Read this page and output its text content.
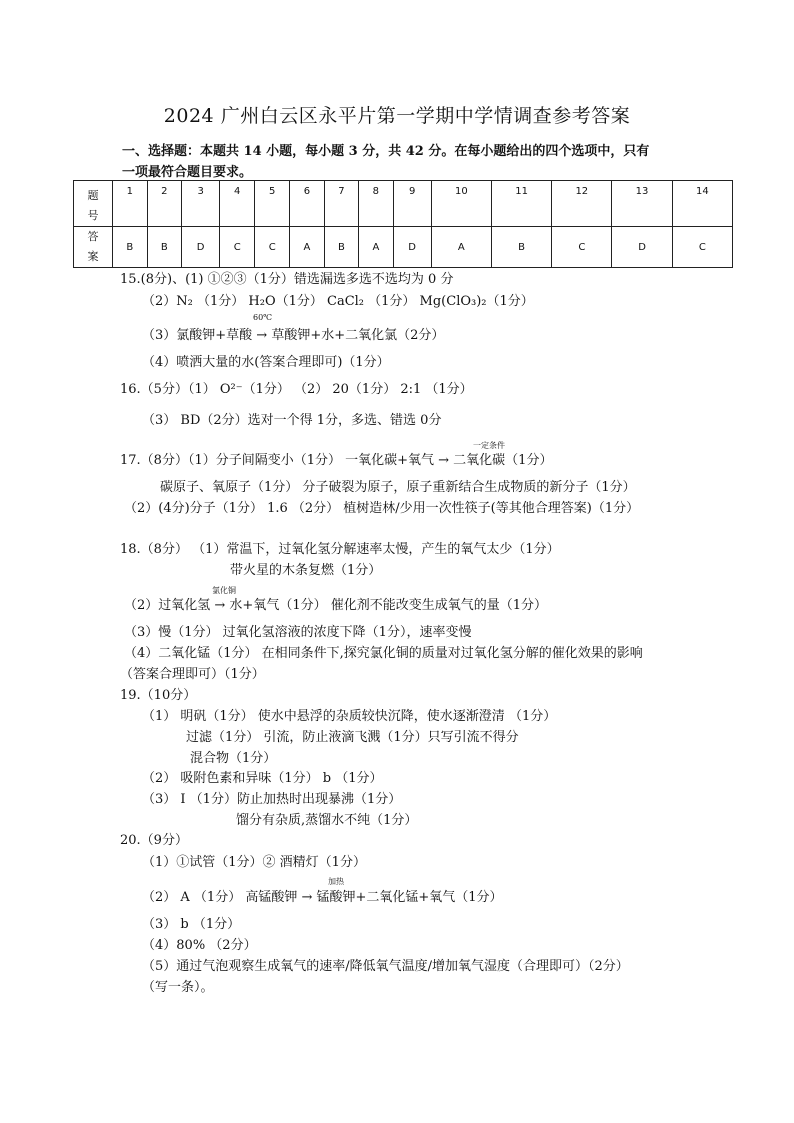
2024 广州白云区永平片第一学期中学情调查参考答案
一、选择题：本题共 14 小题，每小题 3 分，共 42 分。在每小题给出的四个选项中，只有
一项最符合题目要求。
题
号	1	2	3	4	5	6	7	8	9	10	11	12	13	14
答
案	B	B	D	C	C	A	B	A	D	A	B	C	D	C
15.(8分)、(1) ①②③（1分）错选漏选多选不选均为 0 分
（2）N₂ （1分） H₂O（1分） CaCl₂ （1分） Mg(ClO₃)₂（1分）
60℃
（3）氯酸钾+草酸 → 草酸钾+水+二氧化氯（2分）
（4）喷洒大量的水(答案合理即可)（1分）
16.（5分）（1） O²⁻（1分） （2） 20（1分） 2:1 （1分）
（3） BD（2分）选对一个得 1分，多选、错选 0分
一定条件
17.（8分）（1）分子间隔变小（1分） 一氧化碳+氧气 → 二氧化碳（1分）
碳原子、氧原子（1分） 分子破裂为原子，原子重新结合生成物质的新分子（1分）
（2）(4分)分子（1分） 1.6 （2分） 植树造林/少用一次性筷子(等其他合理答案)（1分）
18.（8分） （1）常温下，过氧化氢分解速率太慢，产生的氧气太少（1分）
带火星的木条复燃（1分）
氯化铜
（2）过氧化氢 → 水+氧气（1分） 催化剂不能改变生成氧气的量（1分）
（3）慢（1分） 过氧化氢溶液的浓度下降（1分），速率变慢
（4）二氧化锰（1分） 在相同条件下,探究氯化铜的质量对过氧化氢分解的催化效果的影响
（答案合理即可）（1分）
19.（10分）
（1） 明矾（1分） 使水中悬浮的杂质较快沉降，使水逐渐澄清 （1分）
过滤（1分） 引流，防止液滴飞溅（1分）只写引流不得分
混合物（1分）
（2） 吸附色素和异味（1分） b （1分）
（3） I （1分）防止加热时出现暴沸（1分）
馏分有杂质,蒸馏水不纯（1分）
20.（9分）
（1）①试管（1分）② 酒精灯（1分）
加热
（2） A （1分） 高锰酸钾 → 锰酸钾+二氧化锰+氧气（1分）
（3） b （1分）
（4）80% （2分）
（5）通过气泡观察生成氧气的速率/降低氧气温度/增加氧气湿度（合理即可）（2分）
（写一条）。
